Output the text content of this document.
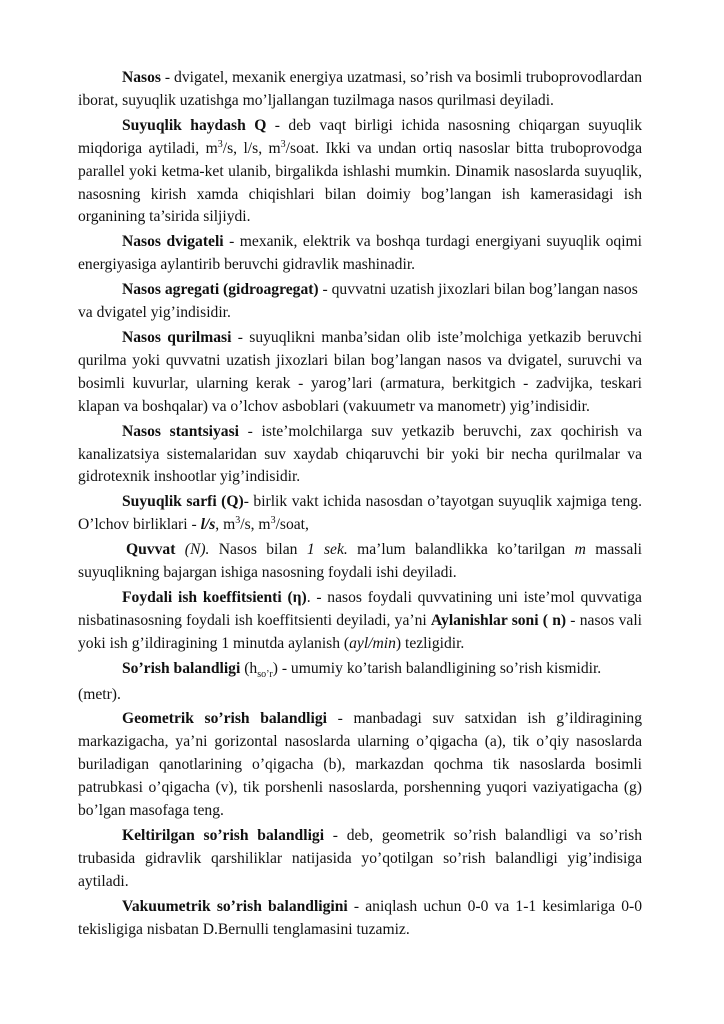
Nasos - dvigatel, mexanik energiya uzatmasi, so’rish va bosimli truboprovodlardan iborat, suyuqlik uzatishga mo’ljallangan tuzilmaga nasos qurilmasi deyiladi.

Suyuqlik haydash Q - deb vaqt birligi ichida nasosning chiqargan suyuqlik miqdoriga aytiladi, $m^3/s$, l/s, $m^3$/soat. Ikki va undan ortiq nasoslar bitta truboprovodga parallel yoki ketma-ket ulanib, birgalikda ishlashi mumkin. Dinamik nasoslarda suyuqlik, nasosning kirish xamda chiqishlari bilan doimiy bog’langan ish kamerasidagi ish organining ta’sirida siljiydi.

Nasos dvigateli - mexanik, elektrik va boshqa turdagi energiyani suyuqlik oqimi energiyasiga aylantirib beruvchi gidravlik mashinadir.

Nasos agregati (gidroagregat) - quvvatni uzatish jixozlari bilan bog’langan nasos va dvigatel yig’indisidir.

Nasos qurilmasi - suyuqlikni manba’sidan olib iste’molchiga yetkazib beruvchi qurilma yoki quvvatni uzatish jixozlari bilan bog’langan nasos va dvigatel, suruvchi va bosimli kuvurlar, ularning kerak - yarog’lari (armatura, berkitgich - zadvijka, teskari klapan va boshqalar) va o’lchov asboblari (vakuumetr va manometr) yig’indisidir.

Nasos stantsiyasi - iste’molchilarga suv yetkazib beruvchi, zax qochirish va kanalizatsiya sistemalaridan suv xaydab chiqaruvchi bir yoki bir necha qurilmalar va gidrotexnik inshootlar yig’indisidir.

Suyuqlik sarfi (Q)- birlik vakt ichida nasosdan o’tayotgan suyuqlik xajmiga teng. O’lchov birliklari - l/s, $m^3/s$, $m^3$/soat,

Quvvat (N). Nasos bilan 1 sek. ma’lum balandlikka ko’tarilgan m massali suyuqlikning bajargan ishiga nasosning foydali ishi deyiladi.

Foydali ish koeffitsienti (η). - nasos foydali quvvatining uni iste’mol quvvatiga nisbatinasosning foydali ish koeffitsienti deyiladi, ya’ni Aylanishlar soni ( n) - nasos vali yoki ish g’ildiragining 1 minutda aylanish (ayl/min) tezligidir.

So’rish balandligi $(h_{so’r})$ - umumiy ko’tarish balandligining so’rish kismidir.

(metr).

Geometrik so’rish balandligi - manbadagi suv satxidan ish g’ildiragining markazigacha, ya’ni gorizontal nasoslarda ularning o’qigacha (a), tik o’qiy nasoslarda buriladigan qanotlarining o’qigacha (b), markazdan qochma tik nasoslarda bosimli patrubkasi o’qigacha (v), tik porshenli nasoslarda, porshenning yuqori vaziyatigacha (g) bo’lgan masofaga teng.

Keltirilgan so’rish balandligi - deb, geometrik so’rish balandligi va so’rish trubasida gidravlik qarshiliklar natijasida yo’qotilgan so’rish balandligi yig’indisiga aytiladi.

Vakuumetrik so’rish balandligini - aniqlash uchun 0-0 va 1-1 kesimlariga 0-0 tekisligiga nisbatan D.Bernulli tenglamasini tuzamiz.
